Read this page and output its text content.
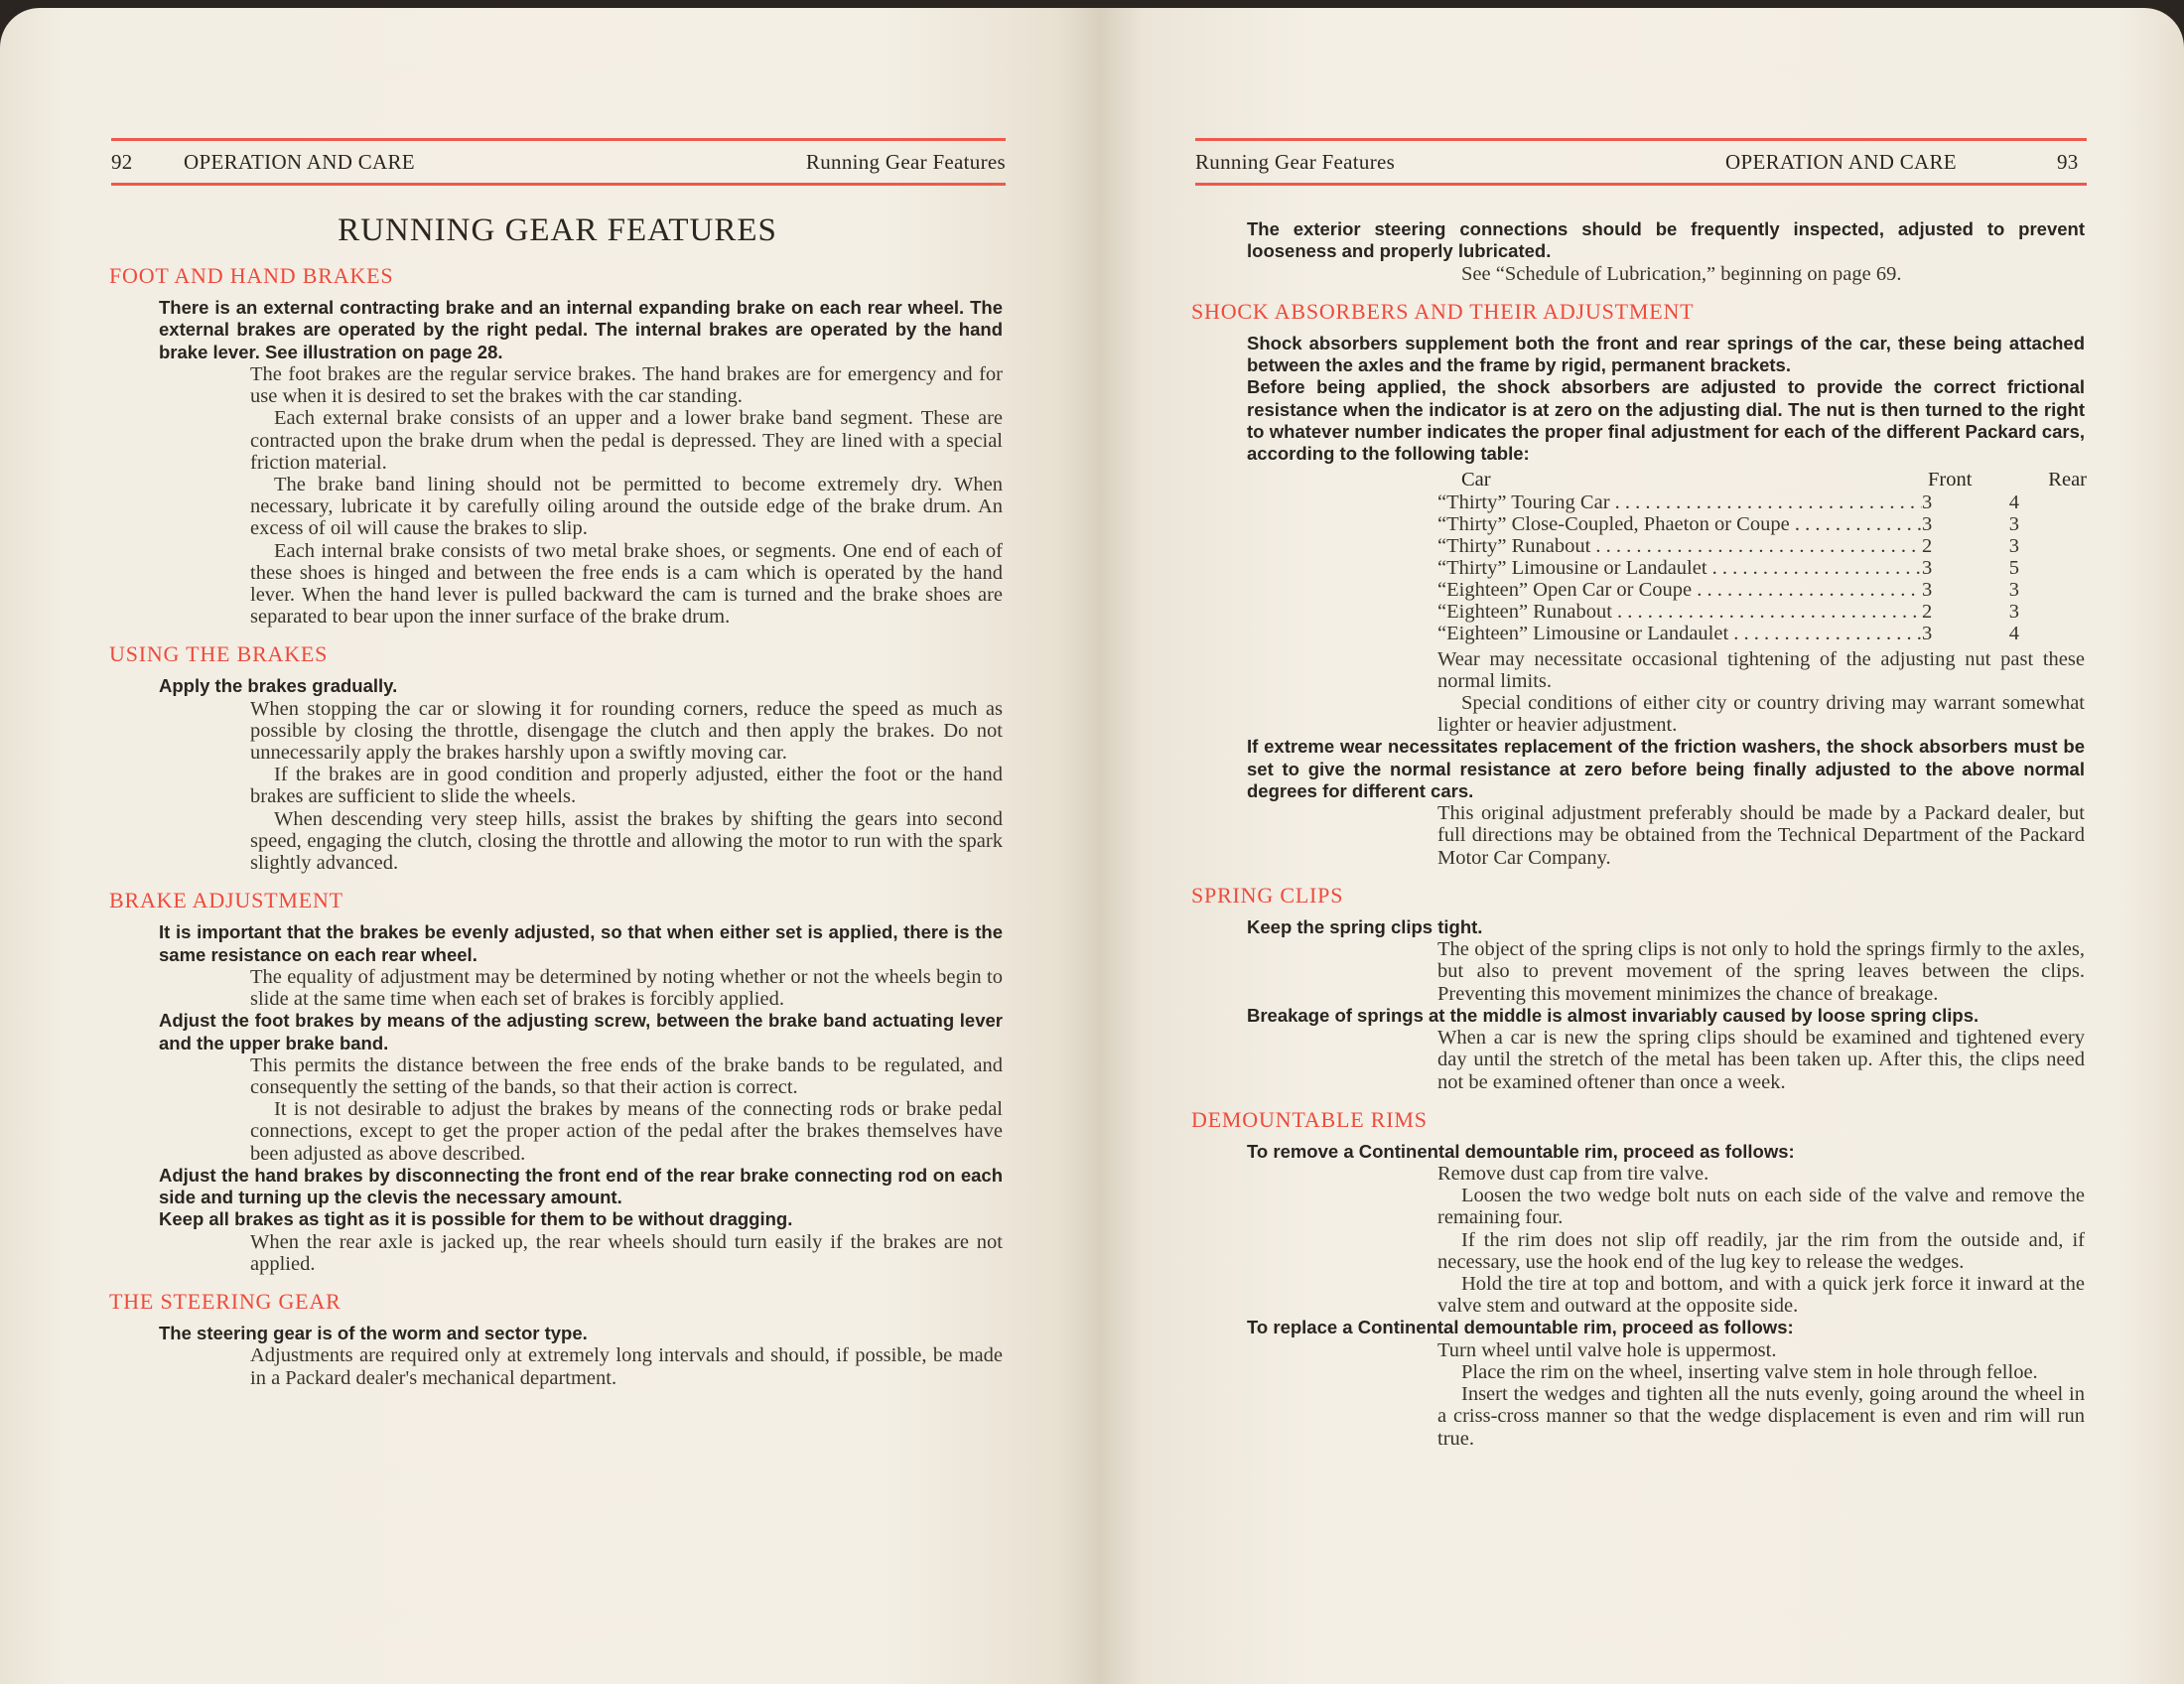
92 OPERATION AND CARE	Running Gear Features
RUNNING GEAR FEATURES
FOOT AND HAND BRAKES
There is an external contracting brake and an internal expanding brake on each rear wheel. The external brakes are operated by the right pedal. The internal brakes are operated by the hand brake lever. See illustration on page 28.
The foot brakes are the regular service brakes. The hand brakes are for emergency and for use when it is desired to set the brakes with the car standing.
Each external brake consists of an upper and a lower brake band segment. These are contracted upon the brake drum when the pedal is depressed. They are lined with a special friction material.
The brake band lining should not be permitted to become extremely dry. When necessary, lubricate it by carefully oiling around the outside edge of the brake drum. An excess of oil will cause the brakes to slip.
Each internal brake consists of two metal brake shoes, or segments. One end of each of these shoes is hinged and between the free ends is a cam which is operated by the hand lever. When the hand lever is pulled backward the cam is turned and the brake shoes are separated to bear upon the inner surface of the brake drum.
USING THE BRAKES
Apply the brakes gradually.
When stopping the car or slowing it for rounding corners, reduce the speed as much as possible by closing the throttle, disengage the clutch and then apply the brakes. Do not unnecessarily apply the brakes harshly upon a swiftly moving car.
If the brakes are in good condition and properly adjusted, either the foot or the hand brakes are sufficient to slide the wheels.
When descending very steep hills, assist the brakes by shifting the gears into second speed, engaging the clutch, closing the throttle and allowing the motor to run with the spark slightly advanced.
BRAKE ADJUSTMENT
It is important that the brakes be evenly adjusted, so that when either set is applied, there is the same resistance on each rear wheel.
The equality of adjustment may be determined by noting whether or not the wheels begin to slide at the same time when each set of brakes is forcibly applied.
Adjust the foot brakes by means of the adjusting screw, between the brake band actuating lever and the upper brake band.
This permits the distance between the free ends of the brake bands to be regulated, and consequently the setting of the bands, so that their action is correct.
It is not desirable to adjust the brakes by means of the connecting rods or brake pedal connections, except to get the proper action of the pedal after the brakes themselves have been adjusted as above described.
Adjust the hand brakes by disconnecting the front end of the rear brake connecting rod on each side and turning up the clevis the necessary amount.
Keep all brakes as tight as it is possible for them to be without dragging.
When the rear axle is jacked up, the rear wheels should turn easily if the brakes are not applied.
THE STEERING GEAR
The steering gear is of the worm and sector type.
Adjustments are required only at extremely long intervals and should, if possible, be made in a Packard dealer's mechanical department.
Running Gear Features	OPERATION AND CARE	93
The exterior steering connections should be frequently inspected, adjusted to prevent looseness and properly lubricated.
See “Schedule of Lubrication,” beginning on page 69.
SHOCK ABSORBERS AND THEIR ADJUSTMENT
Shock absorbers supplement both the front and rear springs of the car, these being attached between the axles and the frame by rigid, permanent brackets.
Before being applied, the shock absorbers are adjusted to provide the correct frictional resistance when the indicator is at zero on the adjusting dial. The nut is then turned to the right to whatever number indicates the proper final adjustment for each of the different Packard cars, according to the following table:
Car	Front	Rear
“Thirty” Touring Car . . .	3	4
“Thirty” Close-Coupled, Phaeton or Coupe . . .	3	3
“Thirty” Runabout . . .	2	3
“Thirty” Limousine or Landaulet . . .	3	5
“Eighteen” Open Car or Coupe . . .	3	3
“Eighteen” Runabout . . .	2	3
“Eighteen” Limousine or Landaulet . . .	3	4
Wear may necessitate occasional tightening of the adjusting nut past these normal limits.
Special conditions of either city or country driving may warrant somewhat lighter or heavier adjustment.
If extreme wear necessitates replacement of the friction washers, the shock absorbers must be set to give the normal resistance at zero before being finally adjusted to the above normal degrees for different cars.
This original adjustment preferably should be made by a Packard dealer, but full directions may be obtained from the Technical Department of the Packard Motor Car Company.
SPRING CLIPS
Keep the spring clips tight.
The object of the spring clips is not only to hold the springs firmly to the axles, but also to prevent movement of the spring leaves between the clips. Preventing this movement minimizes the chance of breakage.
Breakage of springs at the middle is almost invariably caused by loose spring clips.
When a car is new the spring clips should be examined and tightened every day until the stretch of the metal has been taken up. After this, the clips need not be examined oftener than once a week.
DEMOUNTABLE RIMS
To remove a Continental demountable rim, proceed as follows:
Remove dust cap from tire valve.
Loosen the two wedge bolt nuts on each side of the valve and remove the remaining four.
If the rim does not slip off readily, jar the rim from the outside and, if necessary, use the hook end of the lug key to release the wedges.
Hold the tire at top and bottom, and with a quick jerk force it inward at the valve stem and outward at the opposite side.
To replace a Continental demountable rim, proceed as follows:
Turn wheel until valve hole is uppermost.
Place the rim on the wheel, inserting valve stem in hole through felloe.
Insert the wedges and tighten all the nuts evenly, going around the wheel in a criss-cross manner so that the wedge displacement is even and rim will run true.
